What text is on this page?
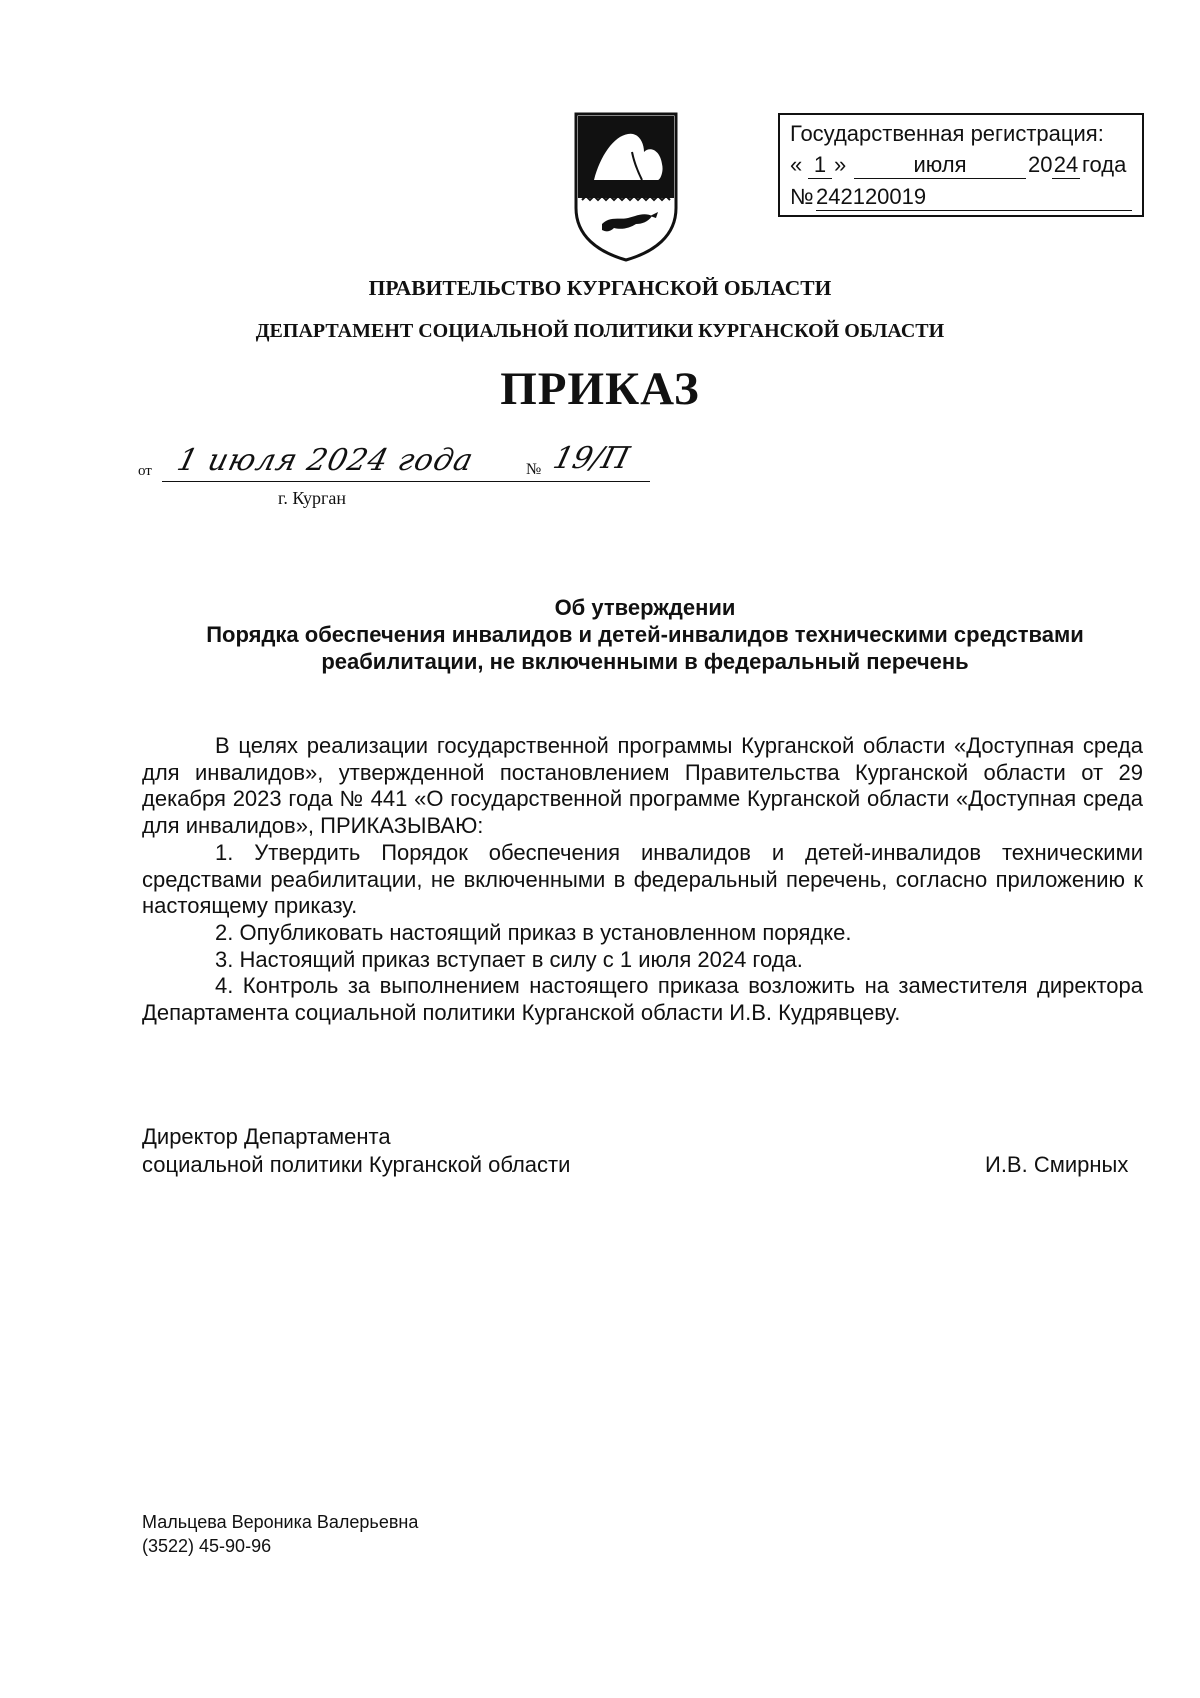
Государственная регистрация:
« 1 »	июля	20 24 года
№ 242120019
ПРАВИТЕЛЬСТВО КУРГАНСКОЙ ОБЛАСТИ
ДЕПАРТАМЕНТ СОЦИАЛЬНОЙ ПОЛИТИКИ КУРГАНСКОЙ ОБЛАСТИ
ПРИКАЗ
от 1 июля 2024 года	№ 19/П
г. Курган
Об утверждении
Порядка обеспечения инвалидов и детей-инвалидов техническими средствами
реабилитации, не включенными в федеральный перечень

В целях реализации государственной программы Курганской области «Доступная среда для инвалидов», утвержденной постановлением Правительства Курганской области от 29 декабря 2023 года № 441 «О государственной программе Курганской области «Доступная среда для инвалидов», ПРИКАЗЫВАЮ:

1. Утвердить Порядок обеспечения инвалидов и детей-инвалидов техническими средствами реабилитации, не включенными в федеральный перечень, согласно приложению к настоящему приказу.

2. Опубликовать настоящий приказ в установленном порядке.

3. Настоящий приказ вступает в силу с 1 июля 2024 года.

4. Контроль за выполнением настоящего приказа возложить на заместителя директора Департамента социальной политики Курганской области И.В. Кудрявцеву.

Директор Департамента
социальной политики Курганской области	И.В. Смирных
Мальцева Вероника Валерьевна
(3522) 45-90-96
